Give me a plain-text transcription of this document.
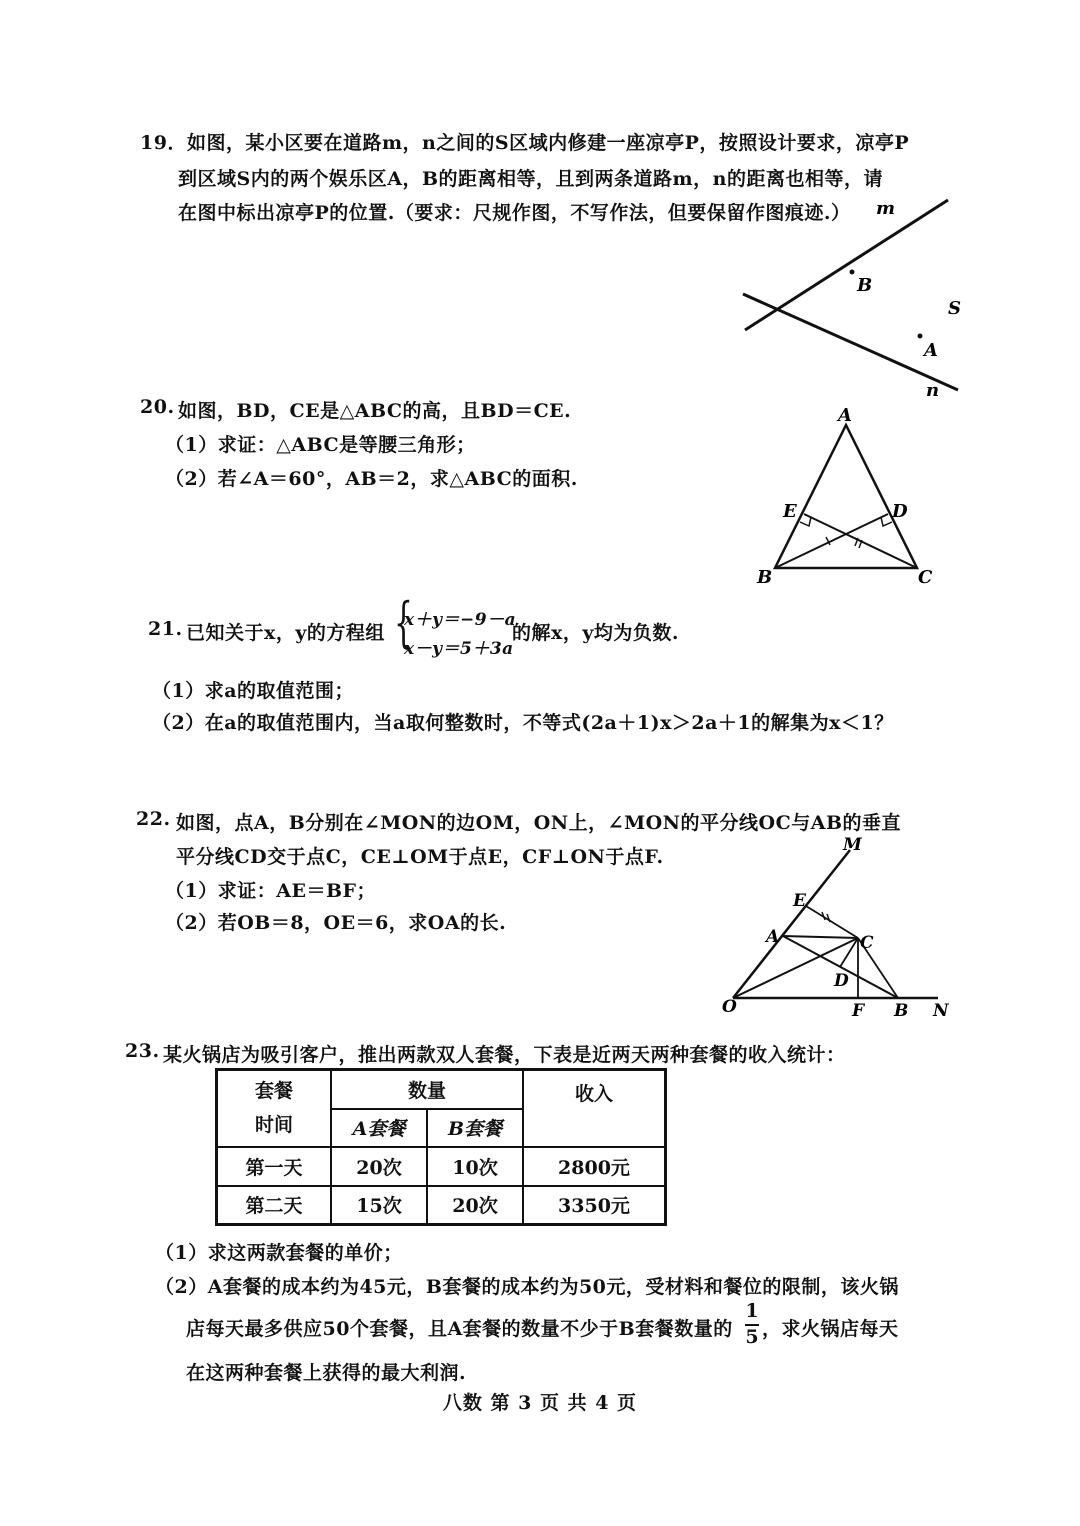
19．如图，某小区要在道路m，n之间的S区域内修建一座凉亭P，按照设计要求，凉亭P
到区域S内的两个娱乐区A，B的距离相等，且到两条道路m，n的距离也相等，请
在图中标出凉亭P的位置.（要求：尺规作图，不写作法，但要保留作图痕迹.） m
B
S
A
n
20. 如图，BD，CE是△ABC的高，且BD＝CE.
（1）求证：△ABC是等腰三角形；
（2）若∠A＝60°，AB＝2，求△ABC的面积.
A
E	D
B	C
21. 已知关于x，y的方程组 {
x＋y＝−9－a
x－y＝5＋3a
的解x，y均为负数.
（1）求a的取值范围；
（2）在a的取值范围内，当a取何整数时，不等式(2a＋1)x＞2a＋1的解集为x＜1？
22. 如图，点A，B分别在∠MON的边OM，ON上，∠MON的平分线OC与AB的垂直
平分线CD交于点C，CE⊥OM于点E，CF⊥ON于点F.
（1）求证：AE＝BF；
（2）若OB＝8，OE＝6，求OA的长.
M
E
A	C
D
O	F B N
23. 某火锅店为吸引客户，推出两款双人套餐，下表是近两天两种套餐的收入统计：
套餐
时间	数量		收入
	A套餐	B套餐	
第一天	20次	10次	2800元
第二天	15次	20次	3350元
（1）求这两款套餐的单价；
（2）A套餐的成本约为45元，B套餐的成本约为50元，受材料和餐位的限制，该火锅
店每天最多供应50个套餐，且A套餐的数量不少于B套餐数量的
1
5 ，求火锅店每天
在这两种套餐上获得的最大利润.
八数 第 3 页 共 4 页
